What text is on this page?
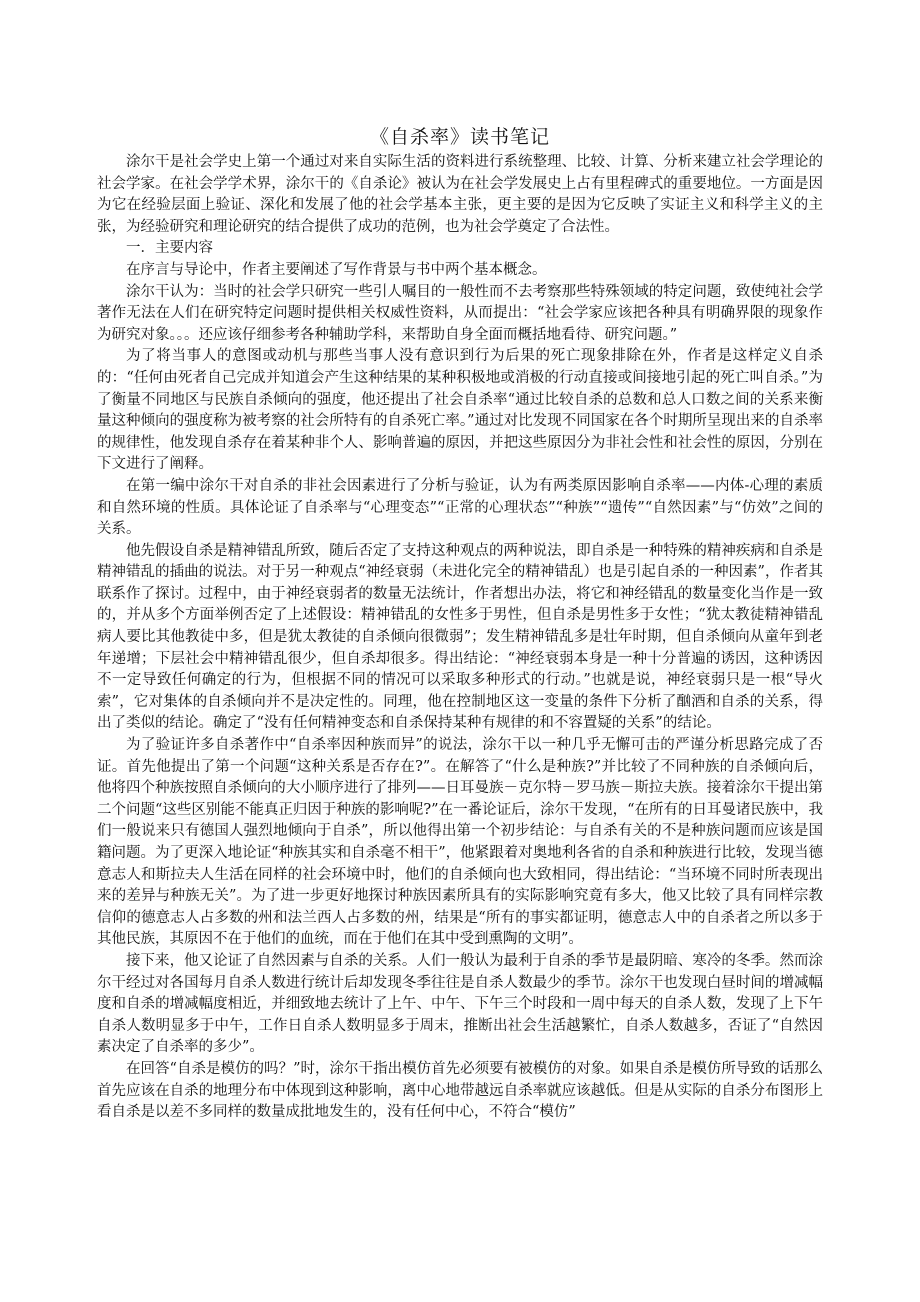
《自杀率》读书笔记

涂尔干是社会学史上第一个通过对来自实际生活的资料进行系统整理、比较、计算、分析来建立社会学理论的社会学家。在社会学学术界，涂尔干的《自杀论》被认为在社会学发展史上占有里程碑式的重要地位。一方面是因为它在经验层面上验证、深化和发展了他的社会学基本主张，更主要的是因为它反映了实证主义和科学主义的主张，为经验研究和理论研究的结合提供了成功的范例，也为社会学奠定了合法性。

一．主要内容

在序言与导论中，作者主要阐述了写作背景与书中两个基本概念。

涂尔干认为：当时的社会学只研究一些引人嘱目的一般性而不去考察那些特殊领域的特定问题，致使纯社会学著作无法在人们在研究特定问题时提供相关权威性资料，从而提出：“社会学家应该把各种具有明确界限的现象作为研究对象。。。还应该仔细参考各种辅助学科，来帮助自身全面而概括地看待、研究问题。”

为了将当事人的意图或动机与那些当事人没有意识到行为后果的死亡现象排除在外，作者是这样定义自杀的：“任何由死者自己完成并知道会产生这种结果的某种积极地或消极的行动直接或间接地引起的死亡叫自杀。”为了衡量不同地区与民族自杀倾向的强度，他还提出了社会自杀率“通过比较自杀的总数和总人口数之间的关系来衡量这种倾向的强度称为被考察的社会所特有的自杀死亡率。”通过对比发现不同国家在各个时期所呈现出来的自杀率的规律性，他发现自杀存在着某种非个人、影响普遍的原因，并把这些原因分为非社会性和社会性的原因，分别在下文进行了阐释。

在第一编中涂尔干对自杀的非社会因素进行了分析与验证，认为有两类原因影响自杀率——内体-心理的素质和自然环境的性质。具体论证了自杀率与“心理变态”“正常的心理状态”“种族”“遗传”“自然因素”与“仿效”之间的关系。

他先假设自杀是精神错乱所致，随后否定了支持这种观点的两种说法，即自杀是一种特殊的精神疾病和自杀是精神错乱的插曲的说法。对于另一种观点“神经衰弱（未进化完全的精神错乱）也是引起自杀的一种因素”，作者其联系作了探讨。过程中，由于神经衰弱者的数量无法统计，作者想出办法，将它和神经错乱的数量变化当作是一致的，并从多个方面举例否定了上述假设：精神错乱的女性多于男性，但自杀是男性多于女性；“犹太教徒精神错乱病人要比其他教徒中多，但是犹太教徒的自杀倾向很微弱”；发生精神错乱多是壮年时期，但自杀倾向从童年到老年递增；下层社会中精神错乱很少，但自杀却很多。得出结论：“神经衰弱本身是一种十分普遍的诱因，这种诱因不一定导致任何确定的行为，但根据不同的情况可以采取多种形式的行动。”也就是说，神经衰弱只是一根“导火索”，它对集体的自杀倾向并不是决定性的。同理，他在控制地区这一变量的条件下分析了酗酒和自杀的关系，得出了类似的结论。确定了“没有任何精神变态和自杀保持某种有规律的和不容置疑的关系”的结论。

为了验证许多自杀著作中“自杀率因种族而异”的说法，涂尔干以一种几乎无懈可击的严谨分析思路完成了否证。首先他提出了第一个问题“这种关系是否存在?”。在解答了“什么是种族?”并比较了不同种族的自杀倾向后，他将四个种族按照自杀倾向的大小顺序进行了排列——日耳曼族－克尔特－罗马族－斯拉夫族。接着涂尔干提出第二个问题“这些区别能不能真正归因于种族的影响呢?”在一番论证后，涂尔干发现，“在所有的日耳曼诸民族中，我们一般说来只有德国人强烈地倾向于自杀”，所以他得出第一个初步结论：与自杀有关的不是种族问题而应该是国籍问题。为了更深入地论证“种族其实和自杀毫不相干”，他紧跟着对奥地利各省的自杀和种族进行比较，发现当德意志人和斯拉夫人生活在同样的社会环境中时，他们的自杀倾向也大致相同，得出结论：“当环境不同时所表现出来的差异与种族无关”。为了进一步更好地探讨种族因素所具有的实际影响究竟有多大，他又比较了具有同样宗教信仰的德意志人占多数的州和法兰西人占多数的州，结果是“所有的事实都证明，德意志人中的自杀者之所以多于其他民族，其原因不在于他们的血统，而在于他们在其中受到熏陶的文明”。

接下来，他又论证了自然因素与自杀的关系。人们一般认为最利于自杀的季节是最阴暗、寒冷的冬季。然而涂尔干经过对各国每月自杀人数进行统计后却发现冬季往往是自杀人数最少的季节。涂尔干也发现白昼时间的增减幅度和自杀的增减幅度相近，并细致地去统计了上午、中午、下午三个时段和一周中每天的自杀人数，发现了上下午自杀人数明显多于中午，工作日自杀人数明显多于周末，推断出社会生活越繁忙，自杀人数越多，否证了“自然因素决定了自杀率的多少”。

在回答“自杀是模仿的吗？”时，涂尔干指出模仿首先必须要有被模仿的对象。如果自杀是模仿所导致的话那么首先应该在自杀的地理分布中体现到这种影响，离中心地带越远自杀率就应该越低。但是从实际的自杀分布图形上看自杀是以差不多同样的数量成批地发生的，没有任何中心，不符合“模仿”
